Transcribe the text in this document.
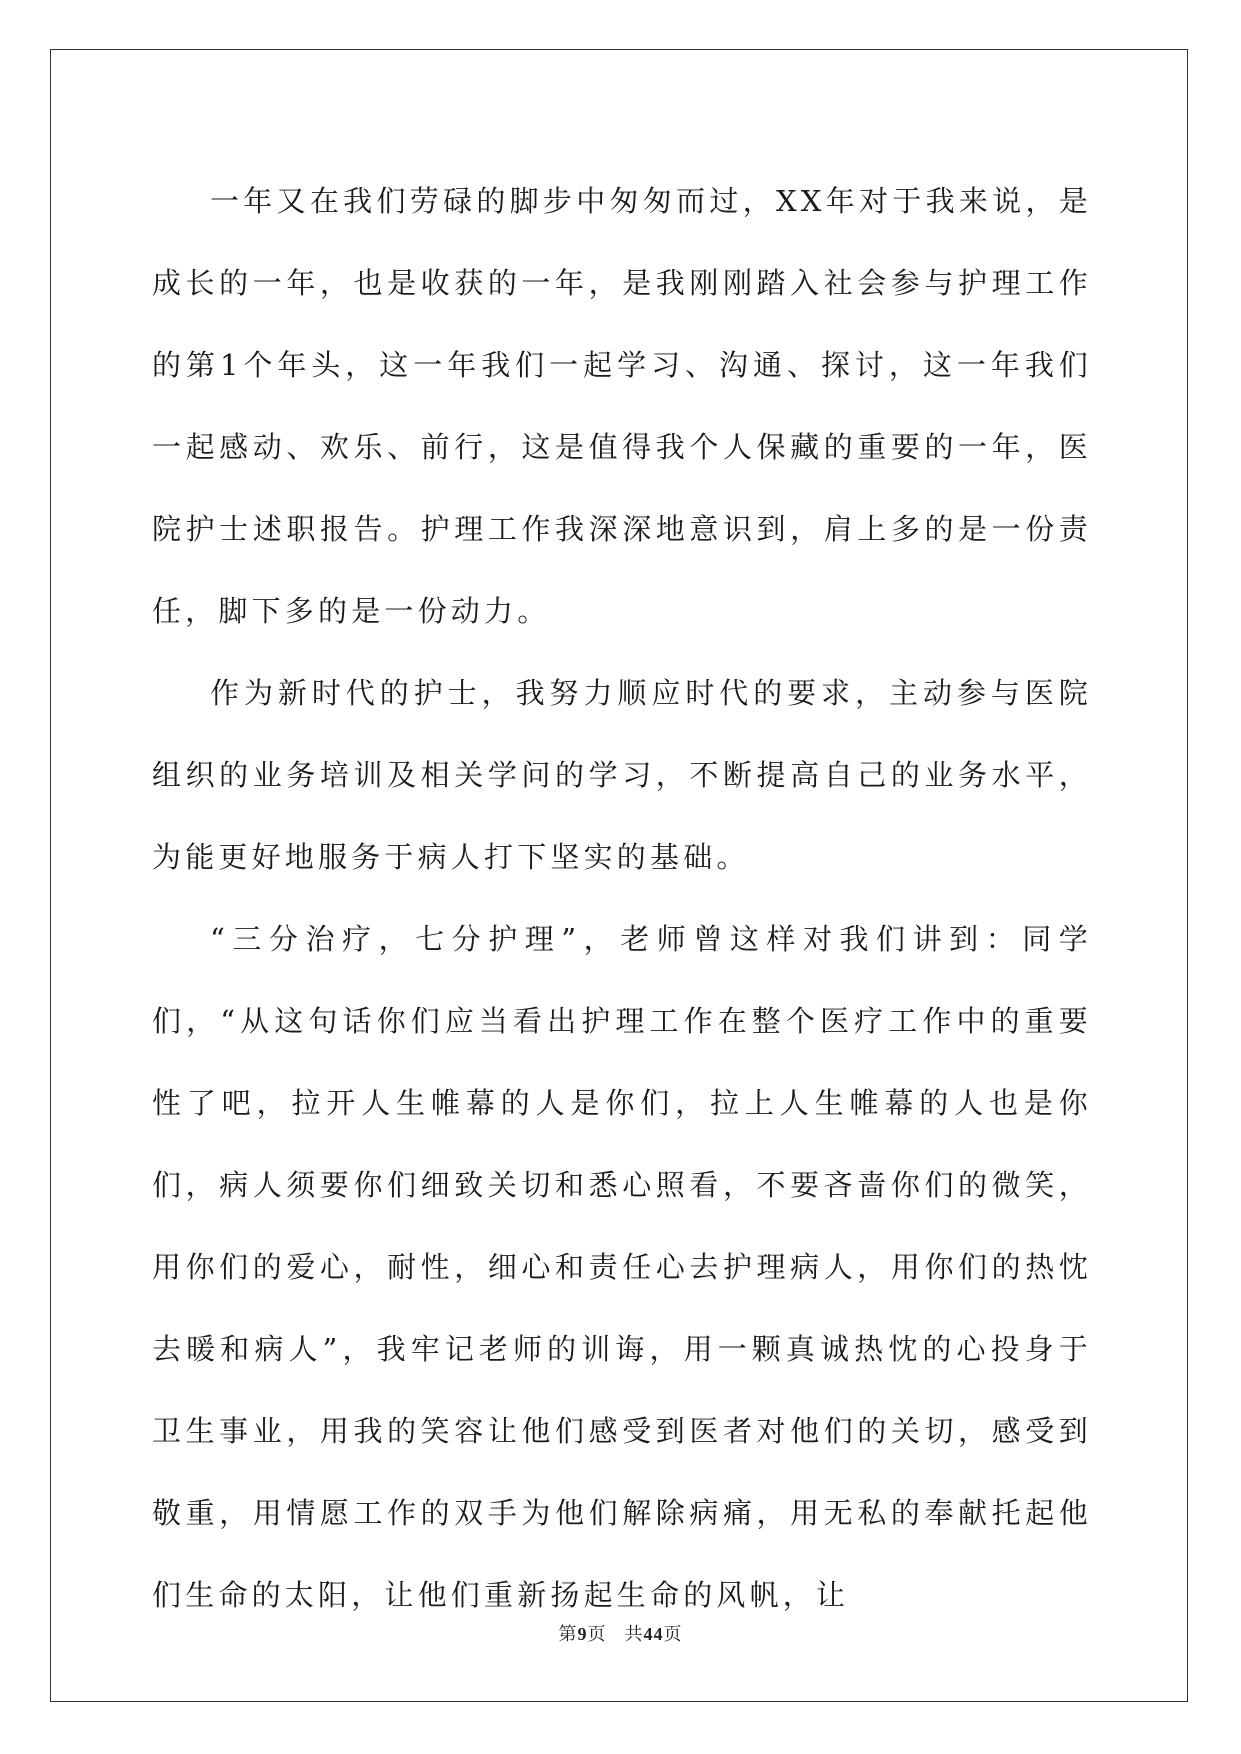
一年又在我们劳碌的脚步中匆匆而过，XX年对于我来说，是成长的一年，也是收获的一年，是我刚刚踏入社会参与护理工作的第1个年头，这一年我们一起学习、沟通、探讨，这一年我们一起感动、欢乐、前行，这是值得我个人保藏的重要的一年，医院护士述职报告。护理工作我深深地意识到，肩上多的是一份责任，脚下多的是一份动力。

作为新时代的护士，我努力顺应时代的要求，主动参与医院组织的业务培训及相关学问的学习，不断提高自己的业务水平，为能更好地服务于病人打下坚实的基础。

“三分治疗，七分护理”，老师曾这样对我们讲到：同学们，“从这句话你们应当看出护理工作在整个医疗工作中的重要性了吧，拉开人生帷幕的人是你们，拉上人生帷幕的人也是你们，病人须要你们细致关切和悉心照看，不要吝啬你们的微笑，用你们的爱心，耐性，细心和责任心去护理病人，用你们的热忱去暖和病人”，我牢记老师的训诲，用一颗真诚热忱的心投身于卫生事业，用我的笑容让他们感受到医者对他们的关切，感受到敬重，用情愿工作的双手为他们解除病痛，用无私的奉献托起他们生命的太阳，让他们重新扬起生命的风帆，让

第9页 共44页
